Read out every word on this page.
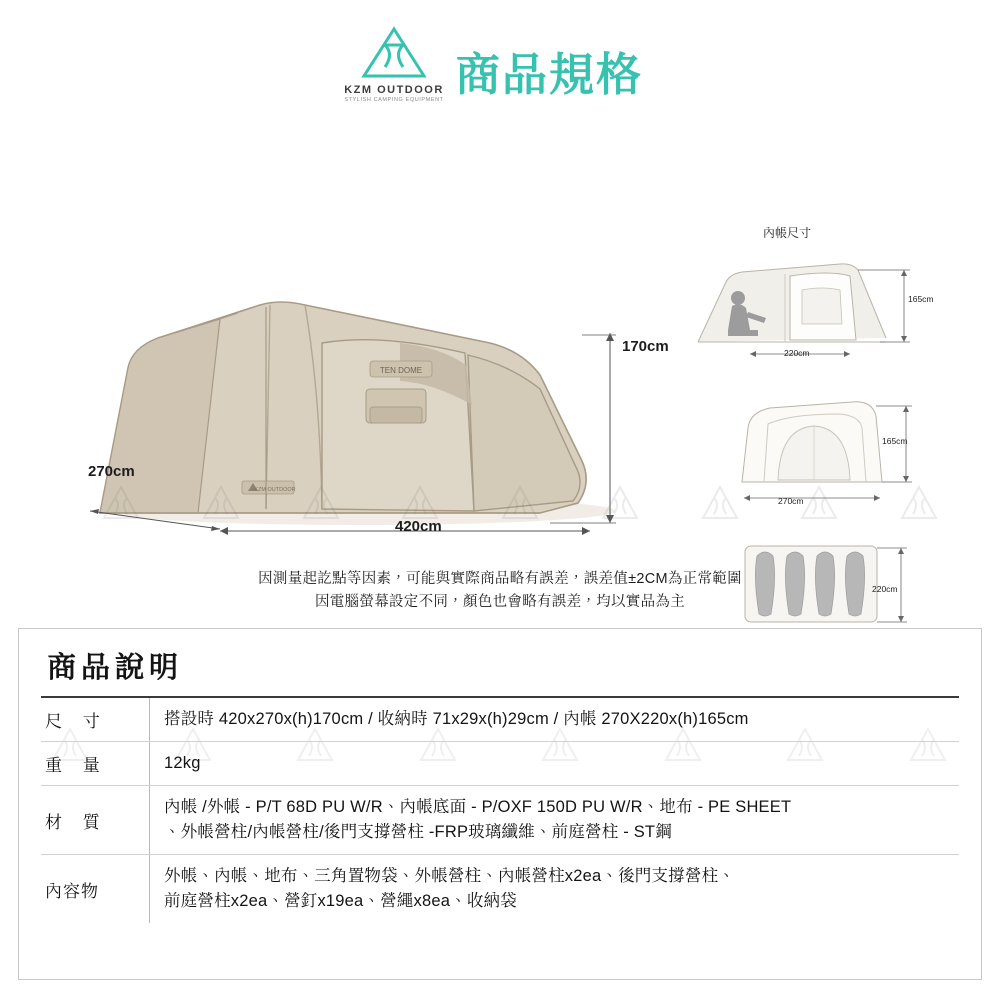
KZM OUTDOOR
STYLISH CAMPING EQUIPMENT 商品規格
TEN DOME
KZM OUTDOOR
270cm
420cm
170cm
內帳尺寸
220cm
165cm
270cm
165cm
220cm
因測量起訖點等因素，可能與實際商品略有誤差，誤差值±2CM為正常範圍
因電腦螢幕設定不同，顏色也會略有誤差，均以實品為主
商品說明
尺 寸		搭設時 420x270x(h)170cm / 收納時 71x29x(h)29cm / 內帳 270X220x(h)165cm

重 量		12kg

材 質		內帳 /外帳 - P/T 68D PU W/R、內帳底面 - P/OXF 150D PU W/R、地布 - PE SHEET
、外帳營柱/內帳營柱/後門支撐營柱 -FRP玻璃纖維、前庭營柱 - ST鋼

內容物		外帳、內帳、地布、三角置物袋、外帳營柱、內帳營柱x2ea、後門支撐營柱、
前庭營柱x2ea、營釘x19ea、營繩x8ea、收納袋
